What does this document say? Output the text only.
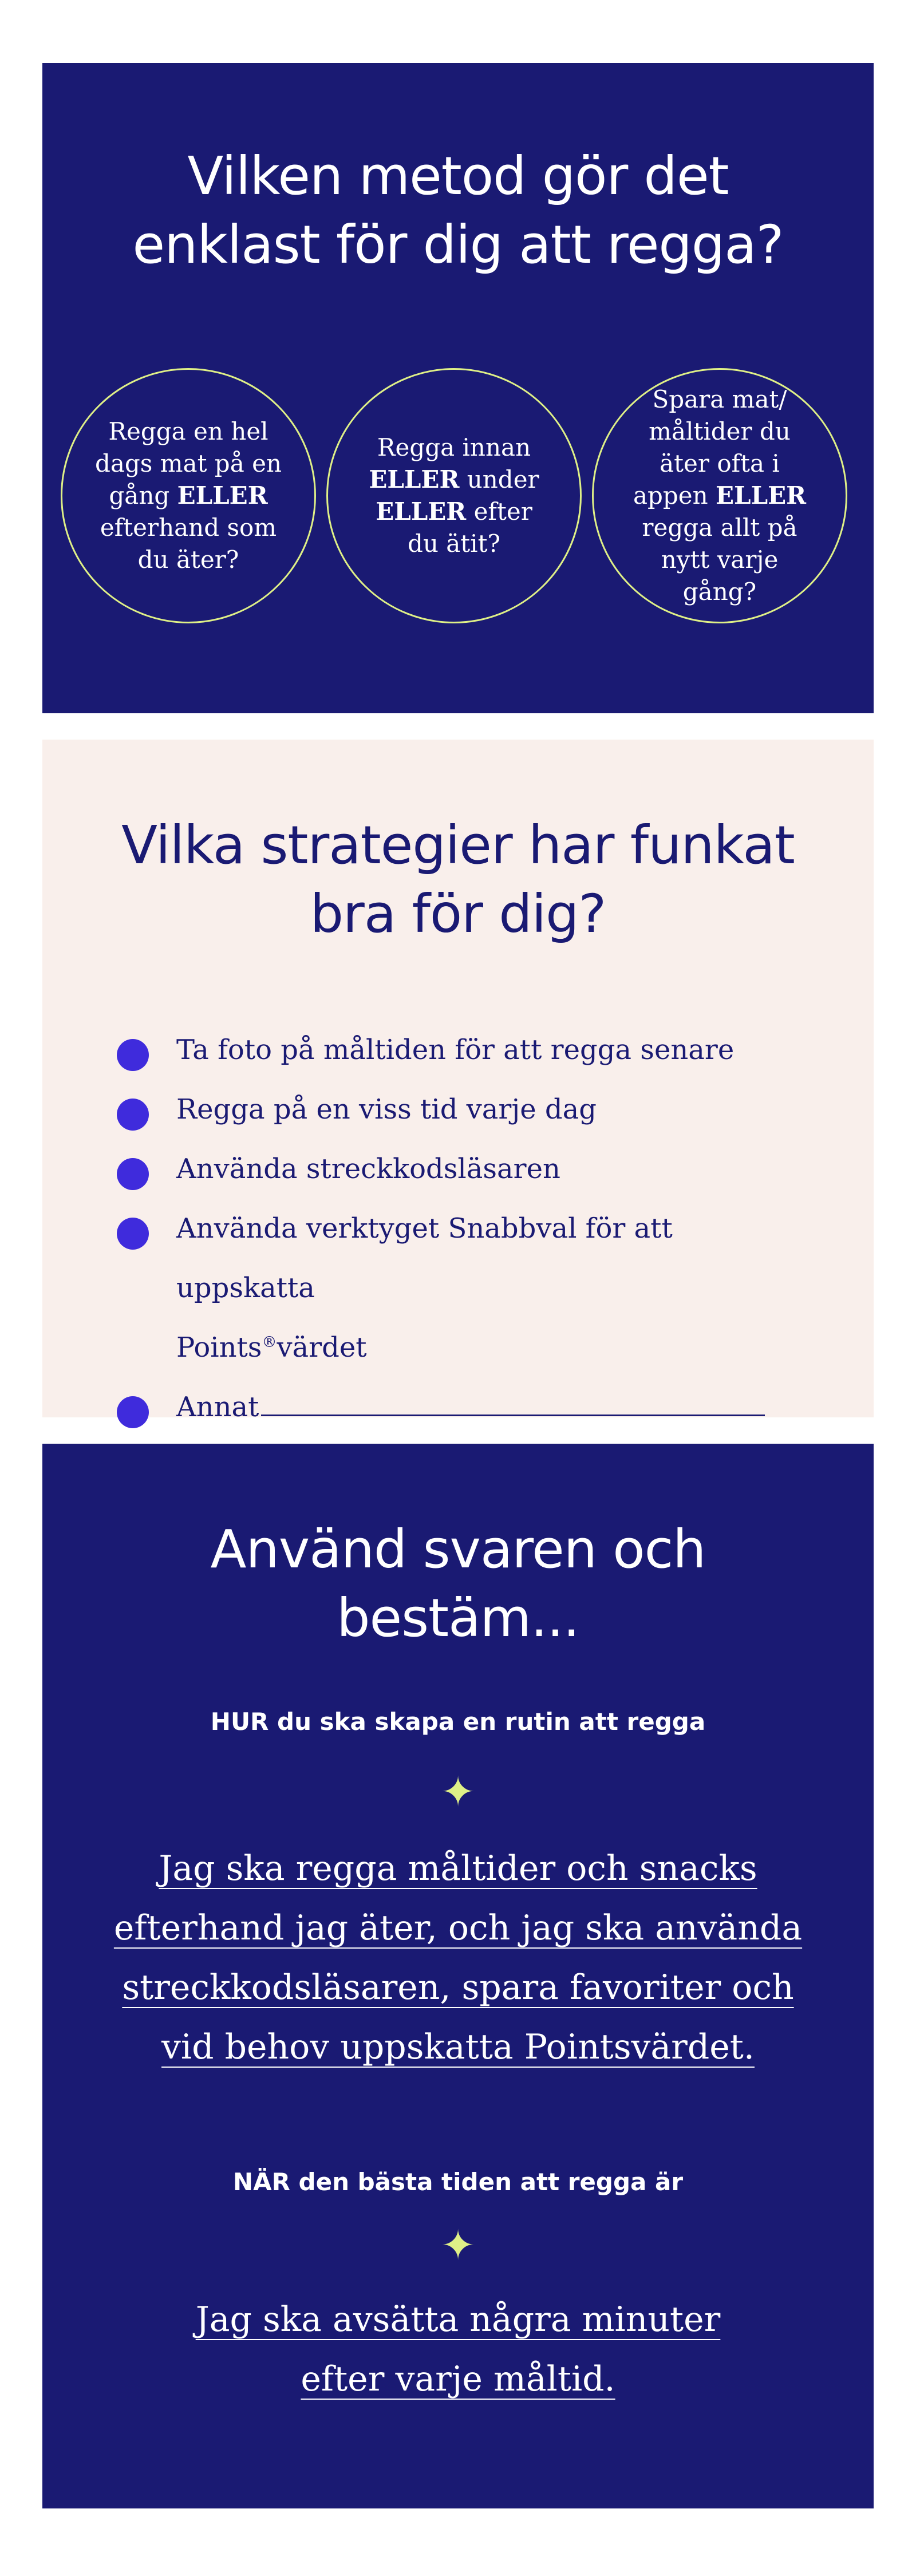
Vilken metod gör det
enklast för dig att regga?
Regga en hel dags mat på en gång ELLER efterhand som du äter?
Regga innan ELLER under ELLER efter du ätit?
Spara mat/ måltider du äter ofta i appen ELLER regga allt på nytt varje gång?
Vilka strategier har funkat
bra för dig?
Ta foto på måltiden för att regga senare
Regga på en viss tid varje dag
Använda streckkodsläsaren
Använda verktyget Snabbval för att uppskatta
Points®värdet
Annat
Använd svaren och
bestäm...
HUR du ska skapa en rutin att regga
✦
Jag ska regga måltider och snacks
efterhand jag äter, och jag ska använda
streckkodsläsaren, spara favoriter och
vid behov uppskatta Pointsvärdet.
NÄR den bästa tiden att regga är
✦
Jag ska avsätta några minuter
efter varje måltid.
